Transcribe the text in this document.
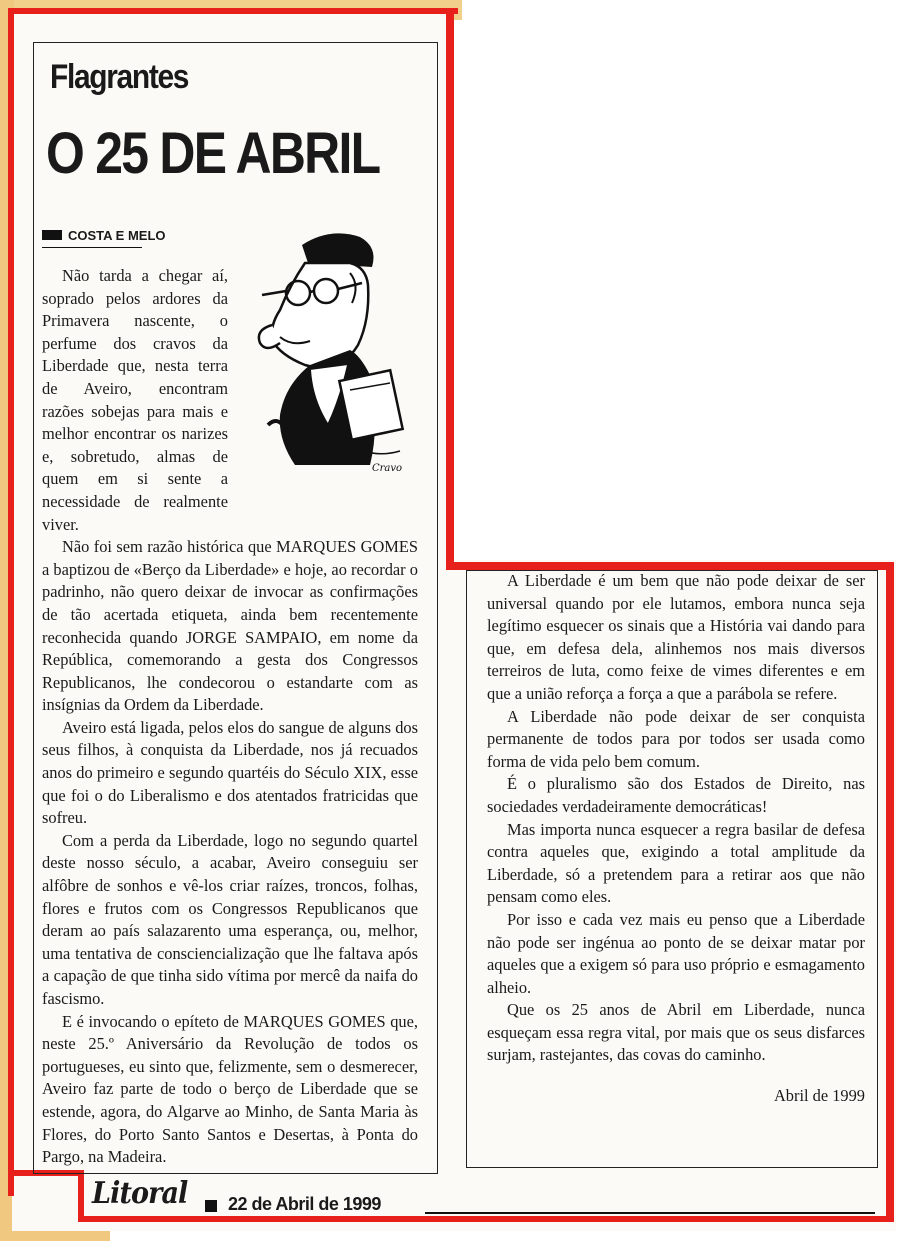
Flagrantes
O 25 DE ABRIL
COSTA E MELO
Cravo

Não tarda a chegar aí, soprado pelos ardores da Primavera nascente, o perfume dos cravos da Liberdade que, nesta terra de Aveiro, encontram razões sobejas para mais e melhor encontrar os narizes e, sobretudo, almas de quem em si sente a necessidade de realmente viver.

Não foi sem razão histórica que MARQUES GOMES a baptizou de «Berço da Liberdade» e hoje, ao recordar o padrinho, não quero deixar de invocar as confirmações de tão acertada etiqueta, ainda bem recentemente reconhecida quando JORGE SAMPAIO, em nome da República, comemorando a gesta dos Congressos Republicanos, lhe condecorou o estandarte com as insígnias da Ordem da Liberdade.

Aveiro está ligada, pelos elos do sangue de alguns dos seus filhos, à conquista da Liberdade, nos já recuados anos do primeiro e segundo quartéis do Século XIX, esse que foi o do Liberalismo e dos atentados fratricidas que sofreu.

Com a perda da Liberdade, logo no segundo quartel deste nosso século, a acabar, Aveiro conseguiu ser alfôbre de sonhos e vê-los criar raízes, troncos, folhas, flores e frutos com os Congressos Republicanos que deram ao país salazarento uma esperança, ou, melhor, uma tentativa de consciencialização que lhe faltava após a capação de que tinha sido vítima por mercê da naifa do fascismo.

E é invocando o epíteto de MARQUES GOMES que, neste 25.º Aniversário da Revolução de todos os portugueses, eu sinto que, felizmente, sem o desmerecer, Aveiro faz parte de todo o berço de Liberdade que se estende, agora, do Algarve ao Minho, de Santa Maria às Flores, do Porto Santo Santos e Desertas, à Ponta do Pargo, na Madeira.

A Liberdade é um bem que não pode deixar de ser universal quando por ele lutamos, embora nunca seja legítimo esquecer os sinais que a História vai dando para que, em defesa dela, alinhemos nos mais diversos terreiros de luta, como feixe de vimes diferentes e em que a união reforça a força a que a parábola se refere.

A Liberdade não pode deixar de ser conquista permanente de todos para por todos ser usada como forma de vida pelo bem comum.

É o pluralismo são dos Estados de Direito, nas sociedades verdadeiramente democráticas!

Mas importa nunca esquecer a regra basilar de defesa contra aqueles que, exigindo a total amplitude da Liberdade, só a pretendem para a retirar aos que não pensam como eles.

Por isso e cada vez mais eu penso que a Liberdade não pode ser ingénua ao ponto de se deixar matar por aqueles que a exigem só para uso próprio e esmagamento alheio.

Que os 25 anos de Abril em Liberdade, nunca esqueçam essa regra vital, por mais que os seus disfarces surjam, rastejantes, das covas do caminho.

Abril de 1999

Litoral 22 de Abril de 1999
